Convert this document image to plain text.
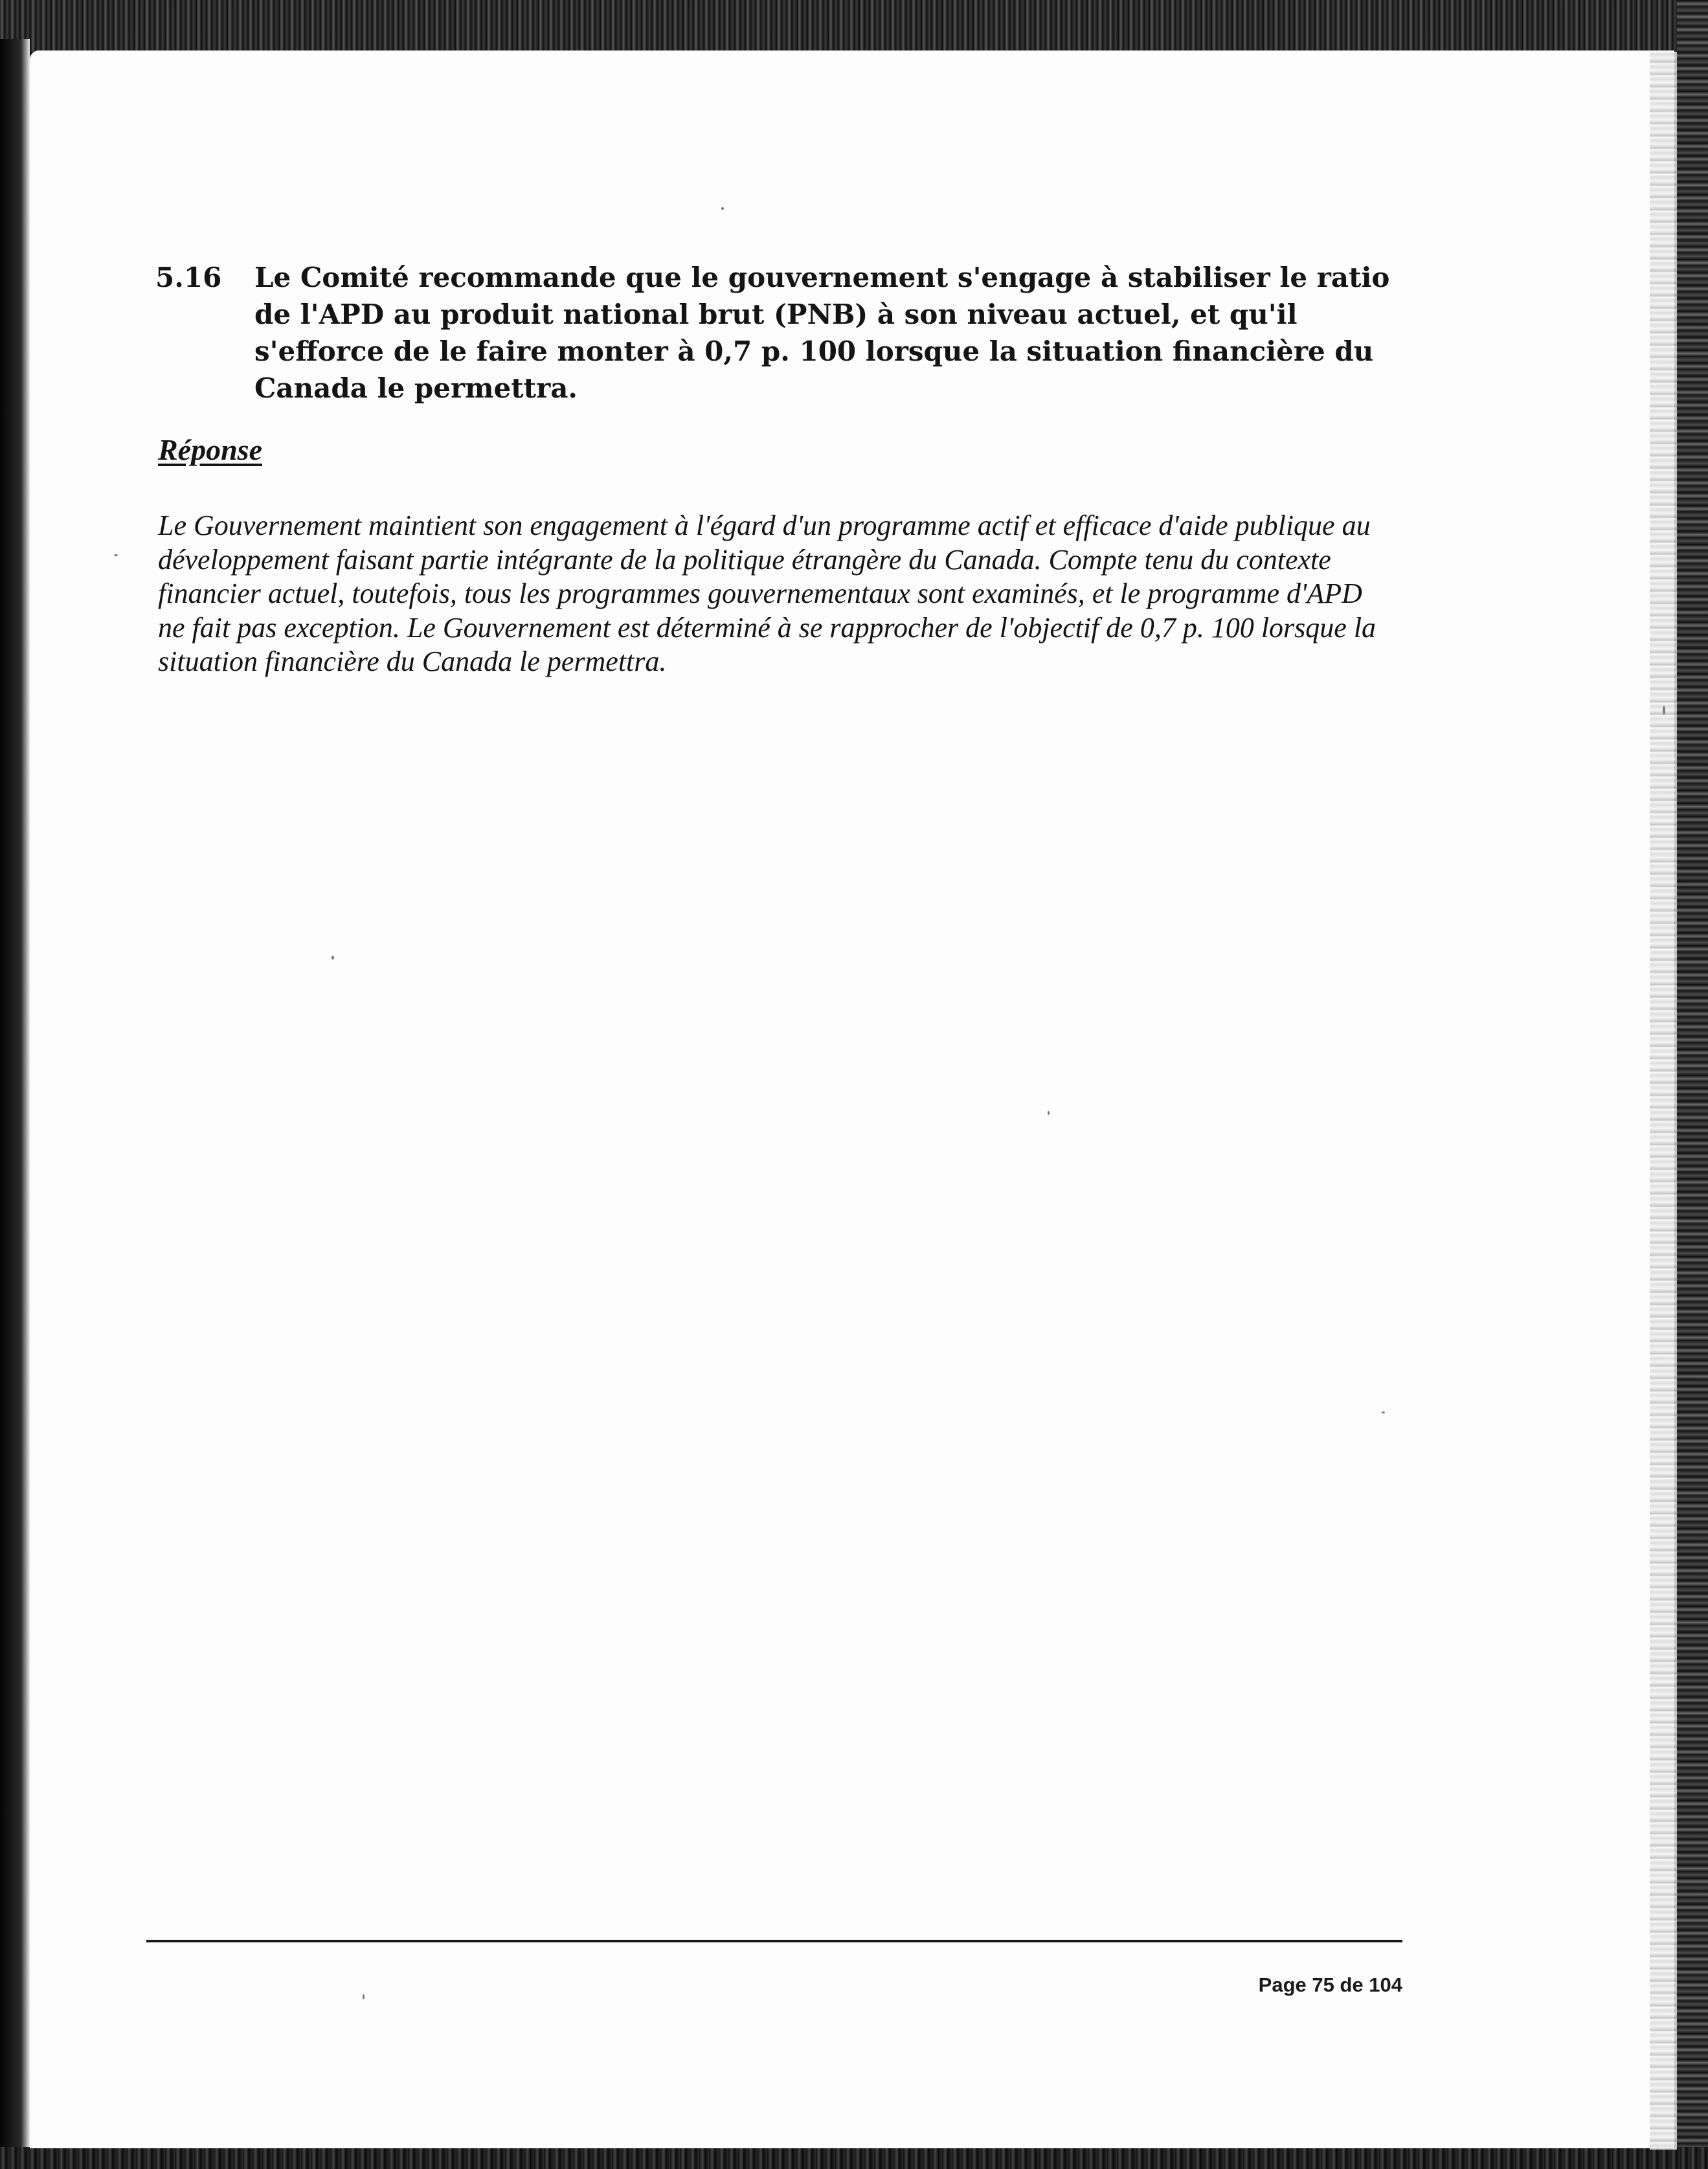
5.16	Le Comité recommande que le gouvernement s'engage à stabiliser le ratio de l'APD au produit national brut (PNB) à son niveau actuel, et qu'il s'efforce de le faire monter à 0,7 p. 100 lorsque la situation financière du Canada le permettra.
Réponse
Le Gouvernement maintient son engagement à l'égard d'un programme actif et efficace d'aide publique au développement faisant partie intégrante de la politique étrangère du Canada. Compte tenu du contexte financier actuel, toutefois, tous les programmes gouvernementaux sont examinés, et le programme d'APD ne fait pas exception. Le Gouvernement est déterminé à se rapprocher de l'objectif de 0,7 p. 100 lorsque la situation financière du Canada le permettra.
Page 75 de 104
